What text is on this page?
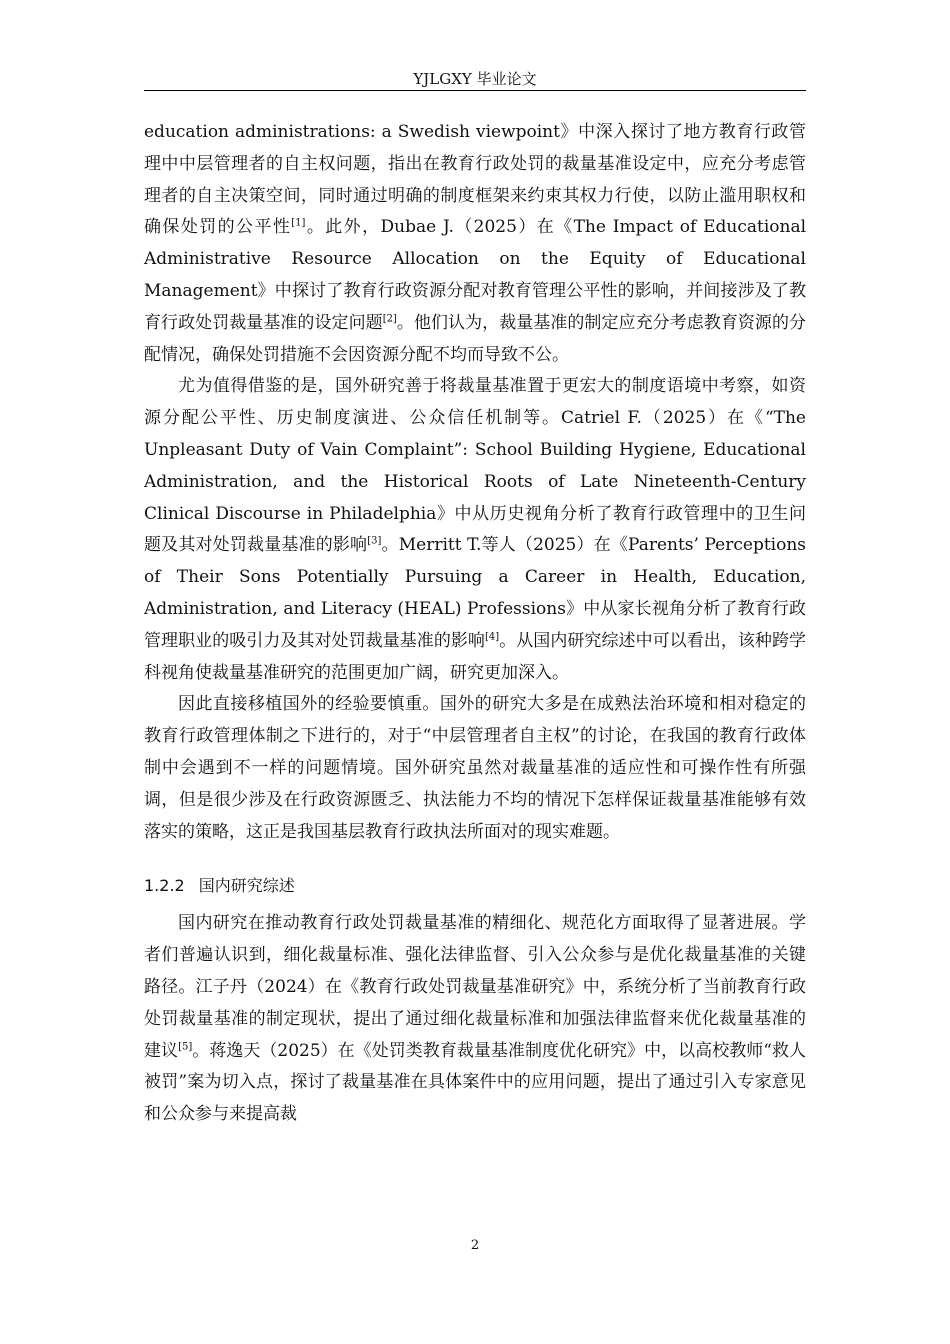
YJLGXY 毕业论文

education administrations: a Swedish viewpoint》中深入探讨了地方教育行政管理中中层管理者的自主权问题，指出在教育行政处罚的裁量基准设定中，应充分考虑管理者的自主决策空间，同时通过明确的制度框架来约束其权力行使，以防止滥用职权和确保处罚的公平性[1]。此外，Dubae J.（2025）在《The Impact of Educational Administrative Resource Allocation on the Equity of Educational Management》中探讨了教育行政资源分配对教育管理公平性的影响，并间接涉及了教育行政处罚裁量基准的设定问题[2]。他们认为，裁量基准的制定应充分考虑教育资源的分配情况，确保处罚措施不会因资源分配不均而导致不公。

尤为值得借鉴的是，国外研究善于将裁量基准置于更宏大的制度语境中考察，如资源分配公平性、历史制度演进、公众信任机制等。Catriel F.（2025）在《“The Unpleasant Duty of Vain Complaint”: School Building Hygiene, Educational Administration, and the Historical Roots of Late Nineteenth-Century Clinical Discourse in Philadelphia》中从历史视角分析了教育行政管理中的卫生问题及其对处罚裁量基准的影响[3]。Merritt T.等人（2025）在《Parents’ Perceptions of Their Sons Potentially Pursuing a Career in Health, Education, Administration, and Literacy (HEAL) Professions》中从家长视角分析了教育行政管理职业的吸引力及其对处罚裁量基准的影响[4]。从国内研究综述中可以看出，该种跨学科视角使裁量基准研究的范围更加广阔，研究更加深入。

因此直接移植国外的经验要慎重。国外的研究大多是在成熟法治环境和相对稳定的教育行政管理体制之下进行的，对于“中层管理者自主权”的讨论，在我国的教育行政体制中会遇到不一样的问题情境。国外研究虽然对裁量基准的适应性和可操作性有所强调，但是很少涉及在行政资源匮乏、执法能力不均的情况下怎样保证裁量基准能够有效落实的策略，这正是我国基层教育行政执法所面对的现实难题。

1.2.2 国内研究综述

国内研究在推动教育行政处罚裁量基准的精细化、规范化方面取得了显著进展。学者们普遍认识到，细化裁量标准、强化法律监督、引入公众参与是优化裁量基准的关键路径。江子丹（2024）在《教育行政处罚裁量基准研究》中，系统分析了当前教育行政处罚裁量基准的制定现状，提出了通过细化裁量标准和加强法律监督来优化裁量基准的建议[5]。蒋逸天（2025）在《处罚类教育裁量基准制度优化研究》中，以高校教师“救人被罚”案为切入点，探讨了裁量基准在具体案件中的应用问题，提出了通过引入专家意见和公众参与来提高裁

2
